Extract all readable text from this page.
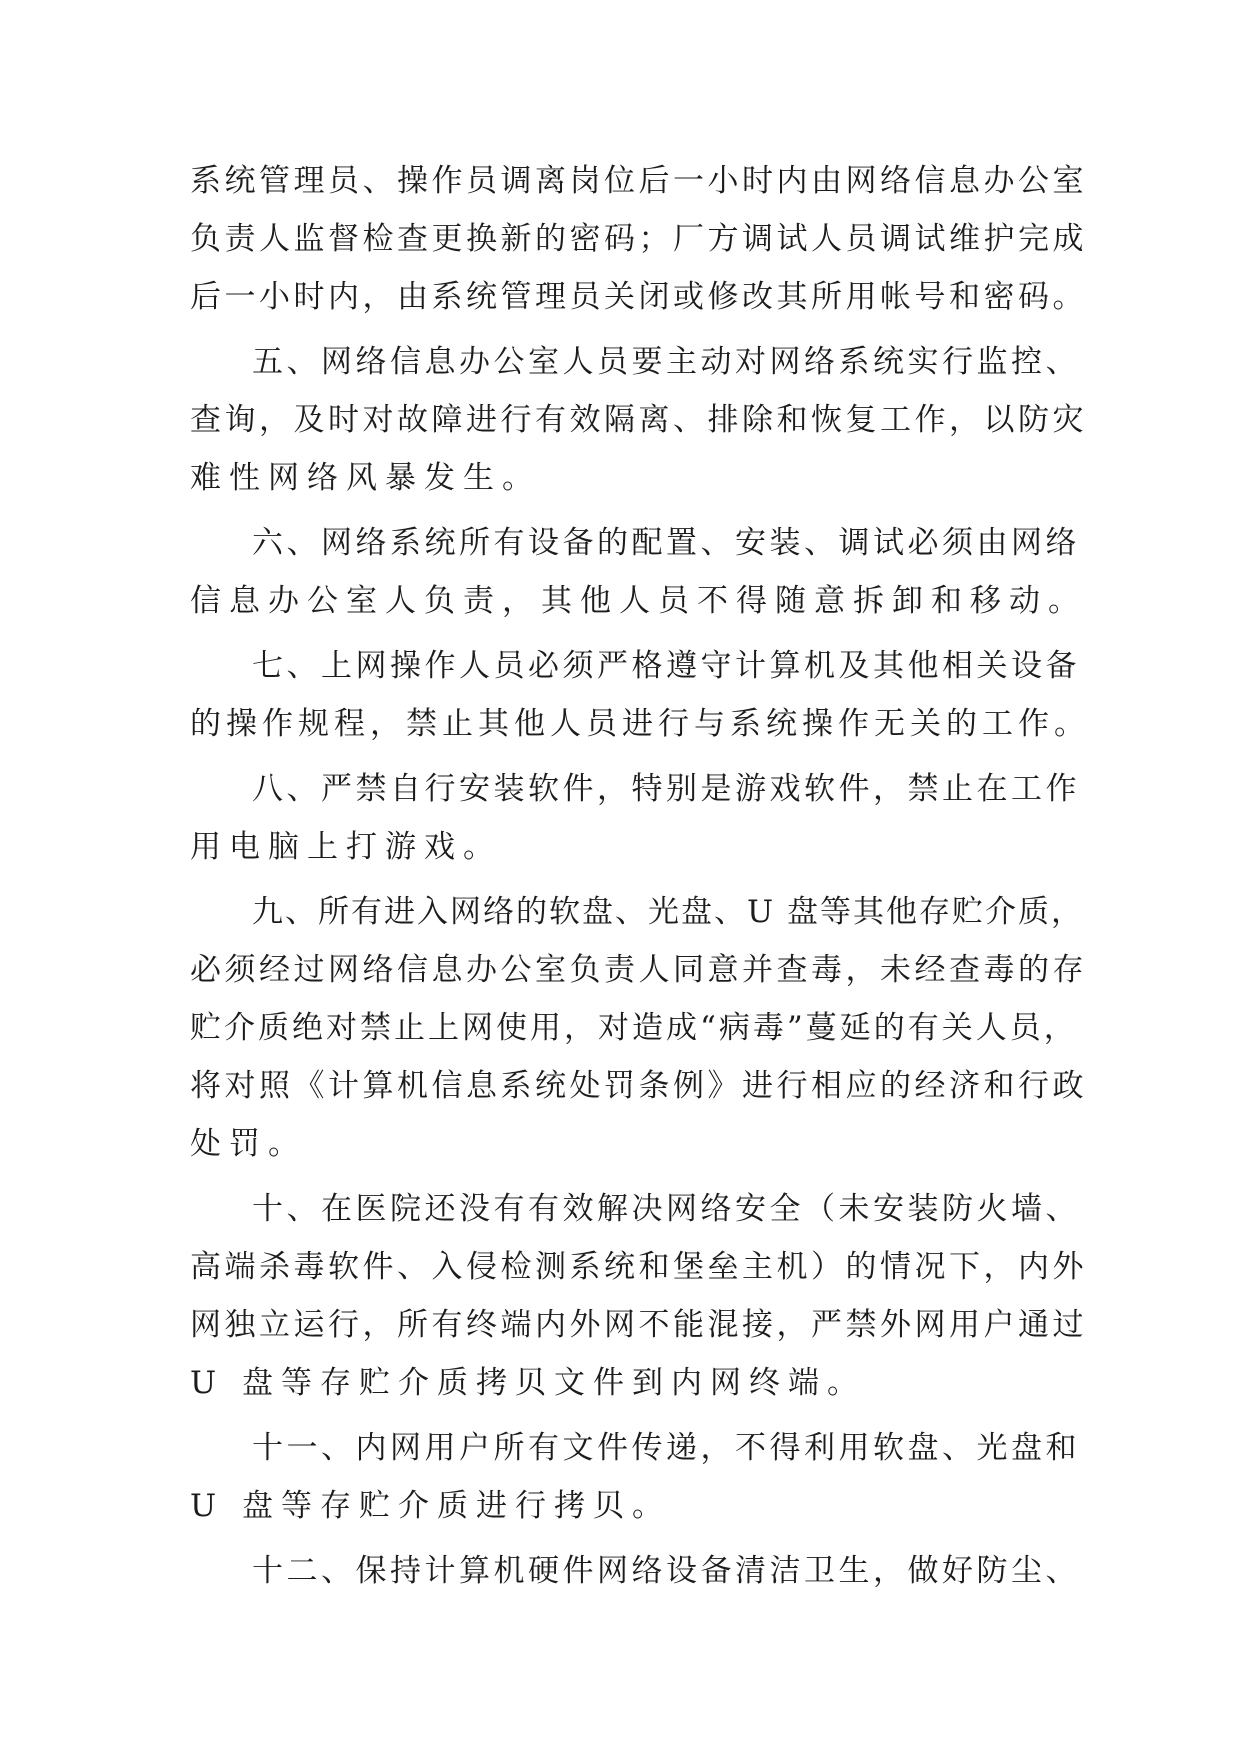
系统管理员、操作员调离岗位后一小时内由网络信息办公室
负责人监督检查更换新的密码；厂方调试人员调试维护完成
后一小时内，由系统管理员关闭或修改其所用帐号和密码。
五、网络信息办公室人员要主动对网络系统实行监控、
查询，及时对故障进行有效隔离、排除和恢复工作，以防灾
难性网络风暴发生。
六、网络系统所有设备的配置、安装、调试必须由网络
信息办公室人负责，其他人员不得随意拆卸和移动。
七、上网操作人员必须严格遵守计算机及其他相关设备
的操作规程，禁止其他人员进行与系统操作无关的工作。
八、严禁自行安装软件，特别是游戏软件，禁止在工作
用电脑上打游戏。
九、所有进入网络的软盘、光盘、U 盘等其他存贮介质，
必须经过网络信息办公室负责人同意并查毒，未经查毒的存
贮介质绝对禁止上网使用，对造成“病毒”蔓延的有关人员，
将对照《计算机信息系统处罚条例》进行相应的经济和行政
处罚。
十、在医院还没有有效解决网络安全（未安装防火墙、
高端杀毒软件、入侵检测系统和堡垒主机）的情况下，内外
网独立运行，所有终端内外网不能混接，严禁外网用户通过
U 盘等存贮介质拷贝文件到内网终端。
十一、内网用户所有文件传递，不得利用软盘、光盘和
U 盘等存贮介质进行拷贝。
十二、保持计算机硬件网络设备清洁卫生，做好防尘、
